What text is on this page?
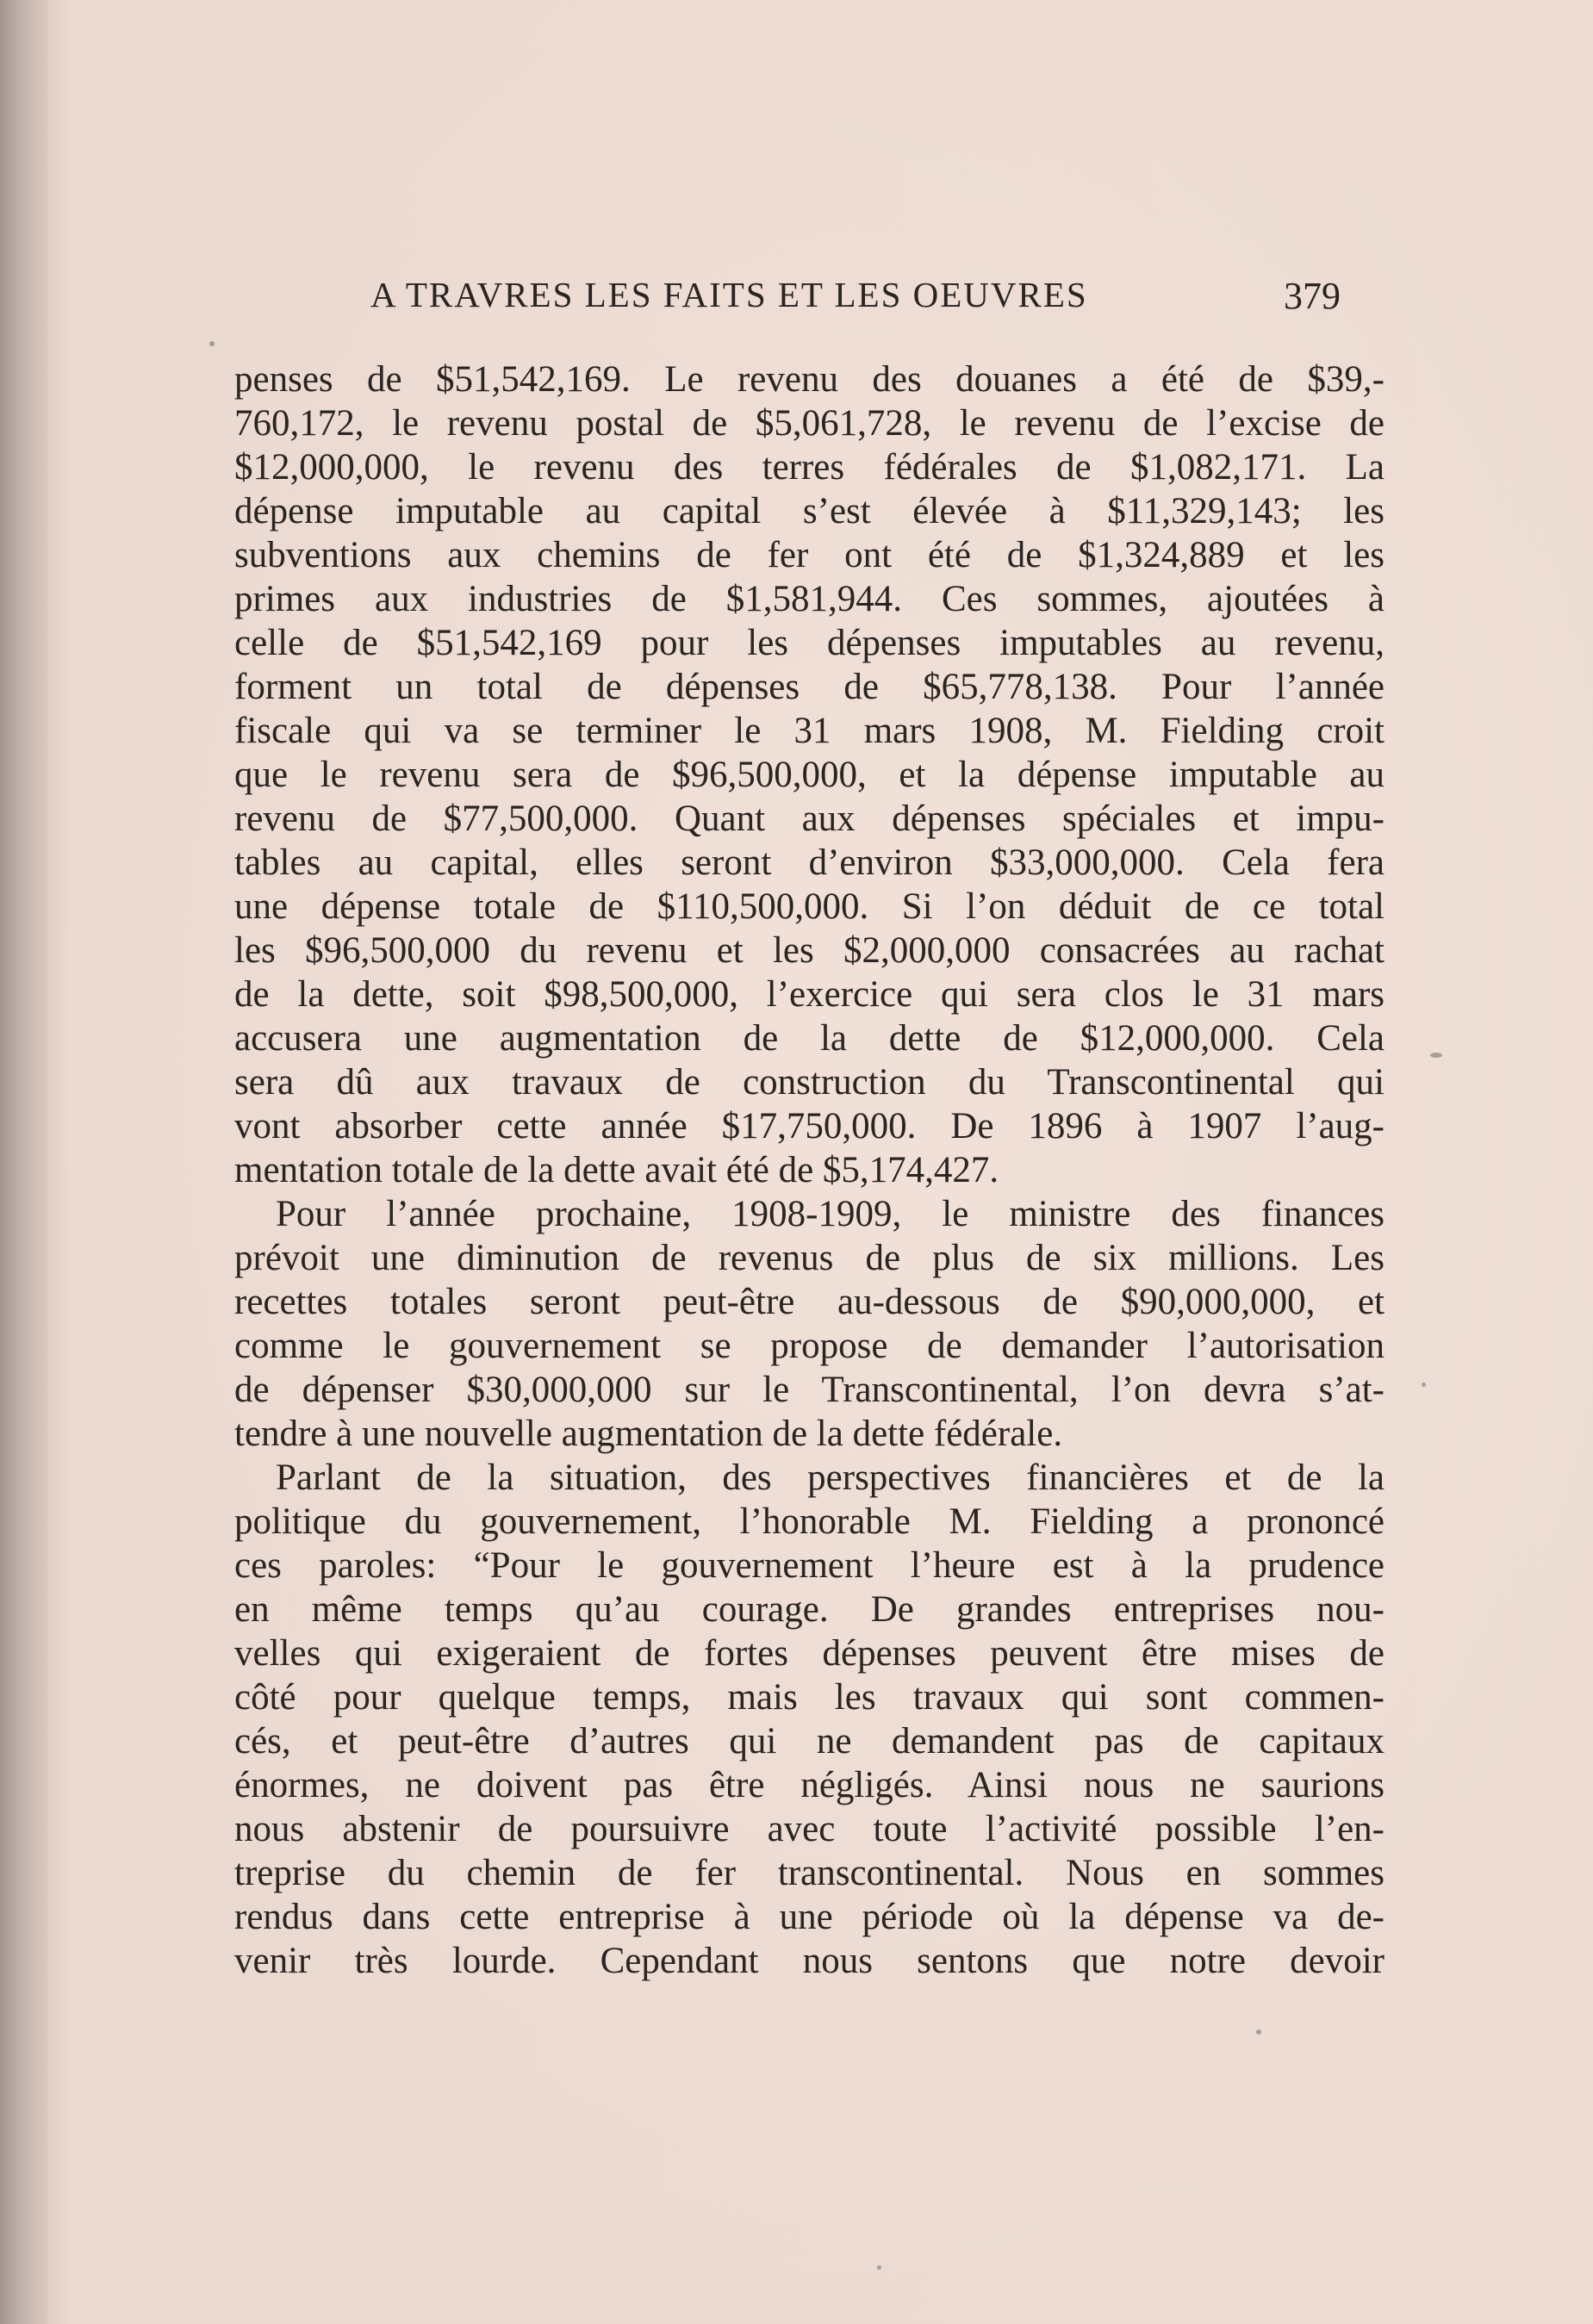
A TRAVRES LES FAITS ET LES OEUVRES	379
penses de $51,542,169. Le revenu des douanes a été de $39,-
760,172, le revenu postal de $5,061,728, le revenu de l’excise de
$12,000,000, le revenu des terres fédérales de $1,082,171. La
dépense imputable au capital s’est élevée à $11,329,143; les
subventions aux chemins de fer ont été de $1,324,889 et les
primes aux industries de $1,581,944. Ces sommes, ajoutées à
celle de $51,542,169 pour les dépenses imputables au revenu,
forment un total de dépenses de $65,778,138. Pour l’année
fiscale qui va se terminer le 31 mars 1908, M. Fielding croit
que le revenu sera de $96,500,000, et la dépense imputable au
revenu de $77,500,000. Quant aux dépenses spéciales et impu-
tables au capital, elles seront d’environ $33,000,000. Cela fera
une dépense totale de $110,500,000. Si l’on déduit de ce total
les $96,500,000 du revenu et les $2,000,000 consacrées au rachat
de la dette, soit $98,500,000, l’exercice qui sera clos le 31 mars
accusera une augmentation de la dette de $12,000,000. Cela
sera dû aux travaux de construction du Transcontinental qui
vont absorber cette année $17,750,000. De 1896 à 1907 l’aug-
mentation totale de la dette avait été de $5,174,427.
Pour l’année prochaine, 1908-1909, le ministre des finances
prévoit une diminution de revenus de plus de six millions. Les
recettes totales seront peut-être au-dessous de $90,000,000, et
comme le gouvernement se propose de demander l’autorisation
de dépenser $30,000,000 sur le Transcontinental, l’on devra s’at-
tendre à une nouvelle augmentation de la dette fédérale.
Parlant de la situation, des perspectives financières et de la
politique du gouvernement, l’honorable M. Fielding a prononcé
ces paroles: “Pour le gouvernement l’heure est à la prudence
en même temps qu’au courage. De grandes entreprises nou-
velles qui exigeraient de fortes dépenses peuvent être mises de
côté pour quelque temps, mais les travaux qui sont commen-
cés, et peut-être d’autres qui ne demandent pas de capitaux
énormes, ne doivent pas être négligés. Ainsi nous ne saurions
nous abstenir de poursuivre avec toute l’activité possible l’en-
treprise du chemin de fer transcontinental. Nous en sommes
rendus dans cette entreprise à une période où la dépense va de-
venir très lourde. Cependant nous sentons que notre devoir
